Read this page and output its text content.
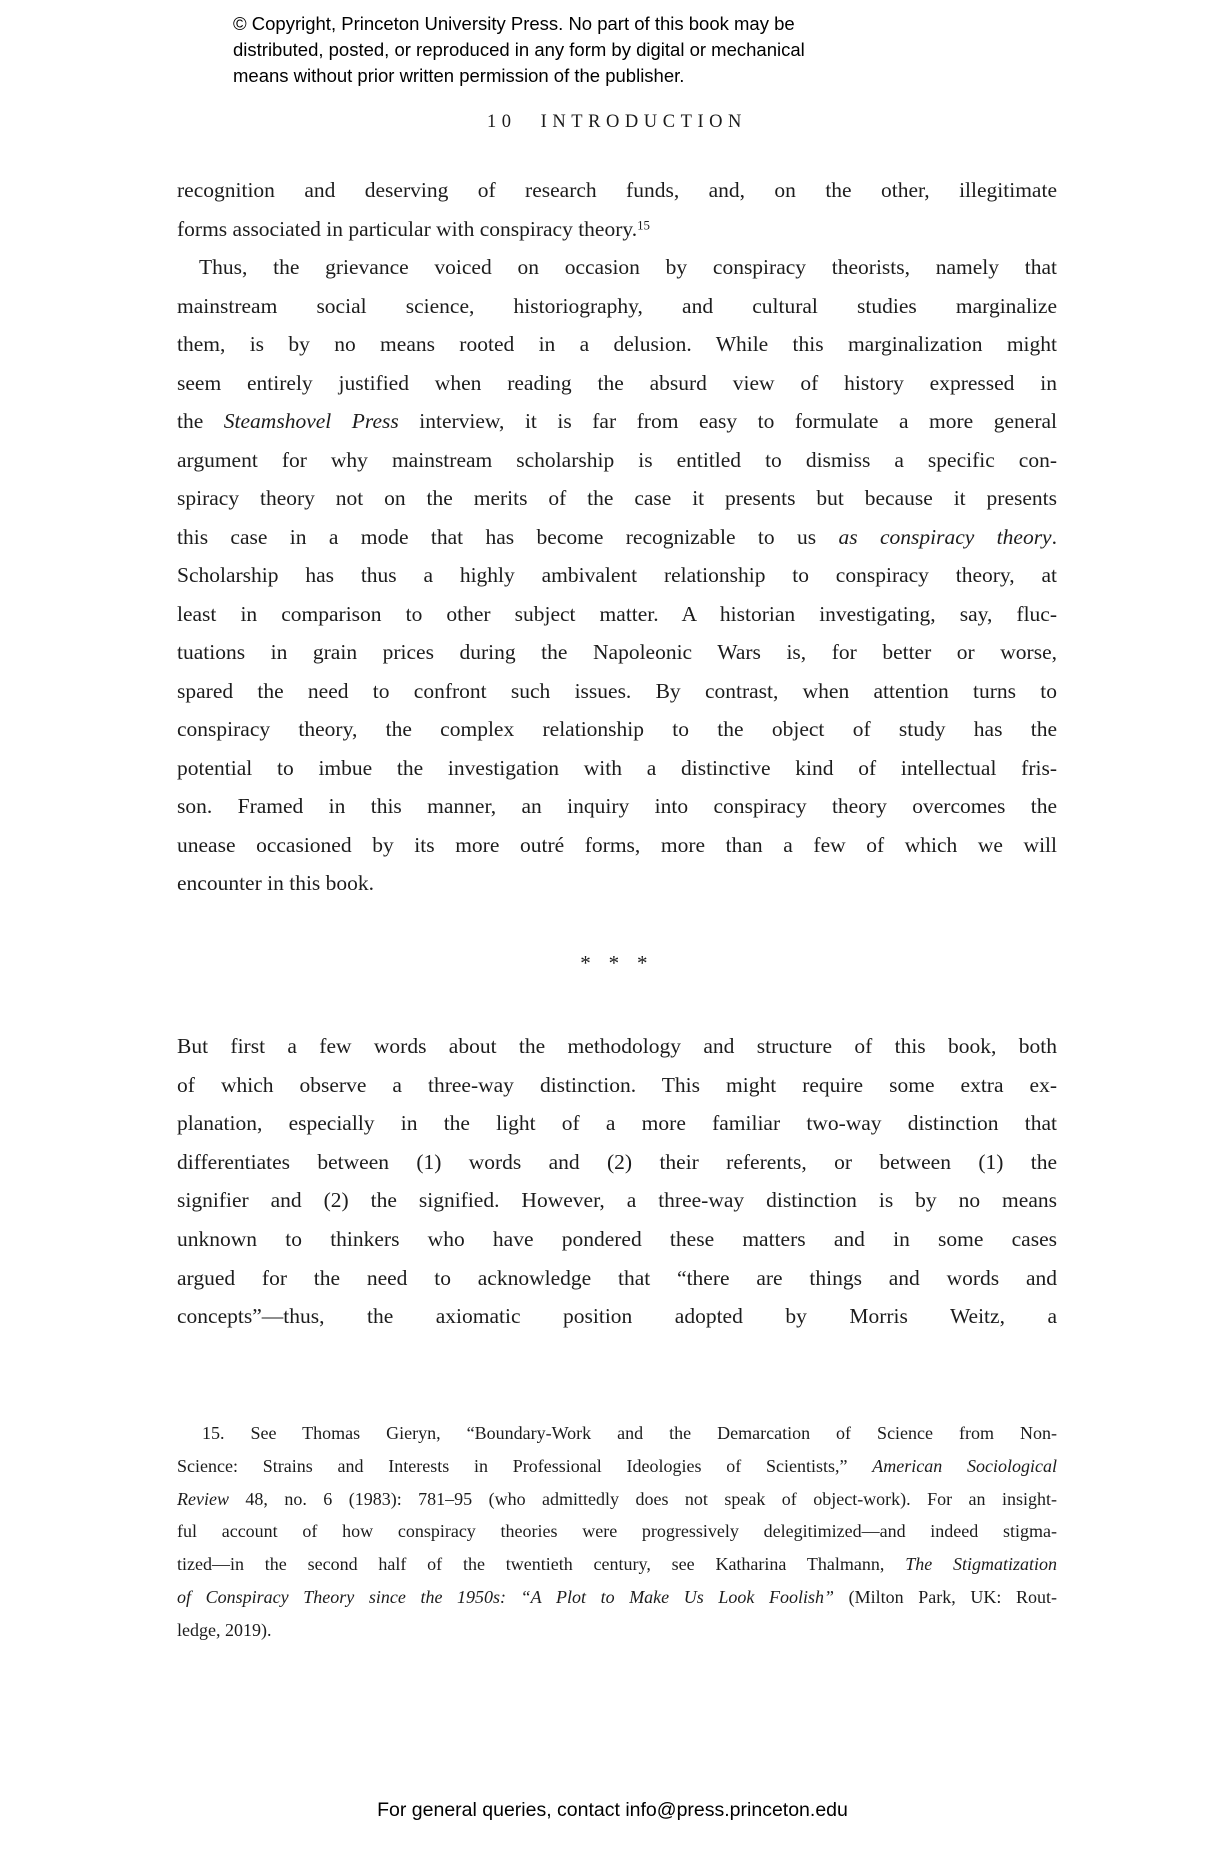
© Copyright, Princeton University Press. No part of this book may be
distributed, posted, or reproduced in any form by digital or mechanical
means without prior written permission of the publisher.
10 INTRODUCTION
recognition and deserving of research funds, and, on the other, illegitimate
forms associated in particular with conspiracy theory.$^{15}$
Thus, the grievance voiced on occasion by conspiracy theorists, namely that
mainstream social science, historiography, and cultural studies marginalize
them, is by no means rooted in a delusion. While this marginalization might
seem entirely justified when reading the absurd view of history expressed in
the Steamshovel Press interview, it is far from easy to formulate a more general
argument for why mainstream scholarship is entitled to dismiss a specific con-
spiracy theory not on the merits of the case it presents but because it presents
this case in a mode that has become recognizable to us as conspiracy theory.
Scholarship has thus a highly ambivalent relationship to conspiracy theory, at
least in comparison to other subject matter. A historian investigating, say, fluc-
tuations in grain prices during the Napoleonic Wars is, for better or worse,
spared the need to confront such issues. By contrast, when attention turns to
conspiracy theory, the complex relationship to the object of study has the
potential to imbue the investigation with a distinctive kind of intellectual fris-
son. Framed in this manner, an inquiry into conspiracy theory overcomes the
unease occasioned by its more outré forms, more than a few of which we will
encounter in this book.
* * *
But first a few words about the methodology and structure of this book, both
of which observe a three-way distinction. This might require some extra ex-
planation, especially in the light of a more familiar two-way distinction that
differentiates between (1) words and (2) their referents, or between (1) the
signifier and (2) the signified. However, a three-way distinction is by no means
unknown to thinkers who have pondered these matters and in some cases
argued for the need to acknowledge that “there are things and words and
concepts”—thus, the axiomatic position adopted by Morris Weitz, a
15. See Thomas Gieryn, “Boundary-Work and the Demarcation of Science from Non-
Science: Strains and Interests in Professional Ideologies of Scientists,” American Sociological
Review 48, no. 6 (1983): 781–95 (who admittedly does not speak of object-work). For an insight-
ful account of how conspiracy theories were progressively delegitimized—and indeed stigma-
tized—in the second half of the twentieth century, see Katharina Thalmann, The Stigmatization
of Conspiracy Theory since the 1950s: “A Plot to Make Us Look Foolish” (Milton Park, UK: Rout-
ledge, 2019).
For general queries, contact info@press.princeton.edu
